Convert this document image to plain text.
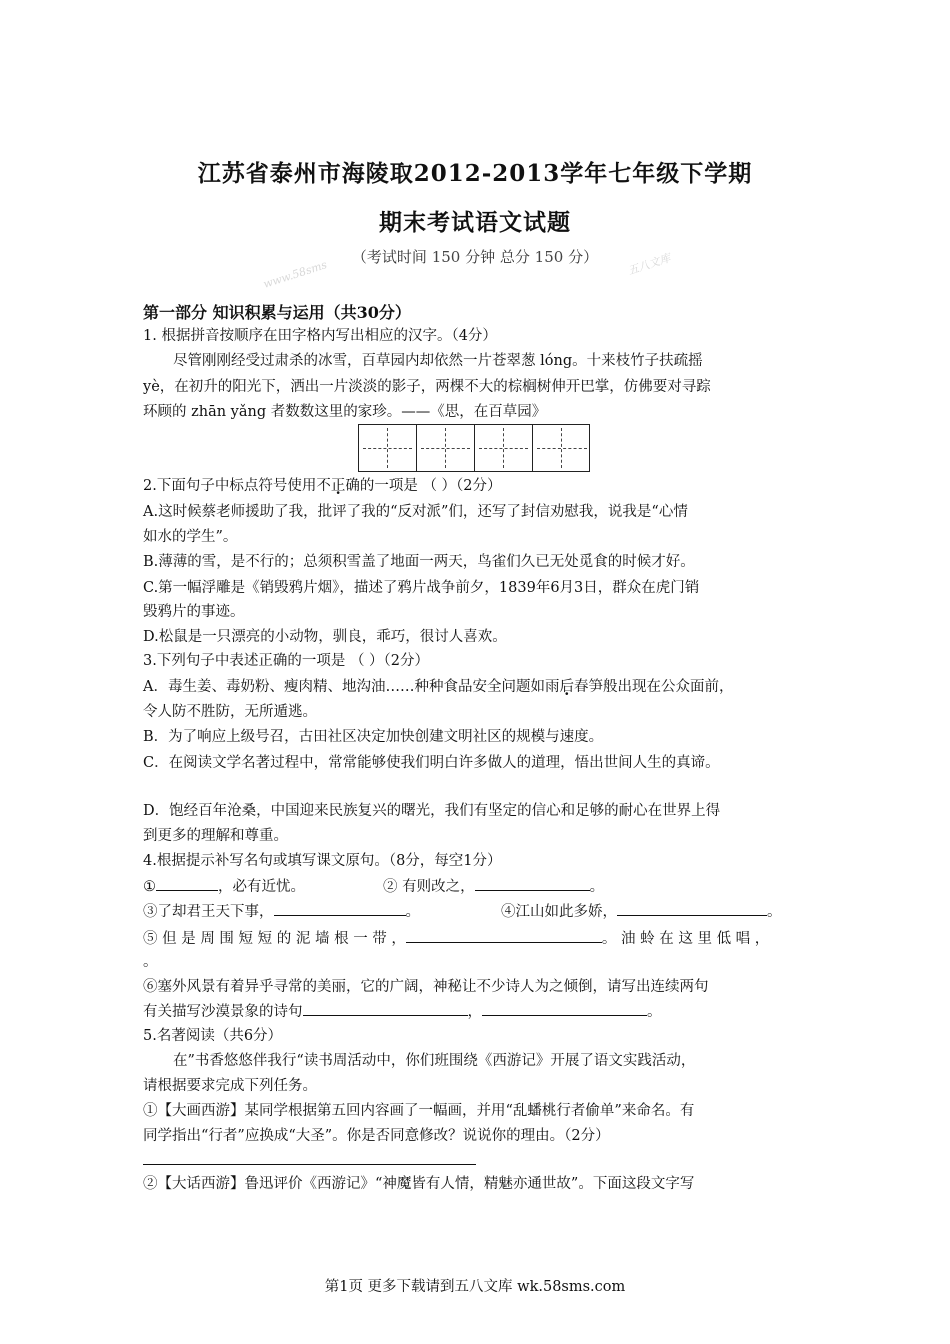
江苏省泰州市海陵取2012-2013学年七年级下学期
期末考试语文试题
（考试时间 150 分钟 总分 150 分）
www.58sms	五八文库
第一部分 知识积累与运用（共30分）
1. 根据拼音按顺序在田字格内写出相应的汉字。（4分）
尽管刚刚经受过肃杀的冰雪，百草园内却依然一片苍翠葱 lóng。十来枝竹子扶疏摇
yè，在初升的阳光下，洒出一片淡淡的影子，两棵不大的棕榈树伸开巴掌，仿佛要对寻踪
环顾的 zhān yǎng 者数数这里的家珍。——《思，在百草园》
2.下面句子中标点符号使用不正确的一项是 （ ）（2分）
A.这时候蔡老师援助了我，批评了我的“反对派”们，还写了封信劝慰我，说我是“心情
如水的学生”。
B.薄薄的雪，是不行的；总须积雪盖了地面一两天，鸟雀们久已无处觅食的时候才好。
C.第一幅浮雕是《销毁鸦片烟》，描述了鸦片战争前夕，1839年6月3日，群众在虎门销
毁鸦片的事迹。
D.松鼠是一只漂亮的小动物，驯良，乖巧，很讨人喜欢。
3.下列句子中表述正确的一项是 （ ）（2分）
A．毒生姜、毒奶粉、瘦肉精、地沟油……种种食品安全问题如雨后春笋 ·般出现在公众面前，
令人防不胜防，无所遁逃。
B．为了响应上级号召，古田社区决定加快创建文明社区的规模与速度。
C．在阅读文学名著过程中，常常能够使我们明白许多做人的道理，悟出世间人生的真谛。
D．饱经百年沧桑，中国迎来民族复兴的曙光，我们有坚定的信心和足够的耐心在世界上得
到更多的理解和尊重。
4.根据提示补写名句或填写课文原句。（8分，每空1分）
①	，必有近忧。	② 有则改之，	。
③了却君王天下事，	。	④江山如此多娇，	。
⑤ 但 是 周 围 短 短 的 泥 墙 根 一 带 ，	。 油 蛉 在 这 里 低 唱 ，
。
⑥塞外风景有着异乎寻常的美丽，它的广阔，神秘让不少诗人为之倾倒，请写出连续两句
有关描写沙漠景象的诗句	，	。
5.名著阅读（共6分）
在”书香悠悠伴我行“读书周活动中，你们班围绕《西游记》开展了语文实践活动，
请根据要求完成下列任务。
①【大画西游】某同学根据第五回内容画了一幅画，并用“乱蟠桃行者偷单”来命名。有
同学指出“行者”应换成“大圣”。你是否同意修改？说说你的理由。（2分）
②【大话西游】鲁迅评价《西游记》“神魔皆有人情，精魅亦通世故”。下面这段文字写
第1页 更多下载请到五八文库 wk.58sms.com
